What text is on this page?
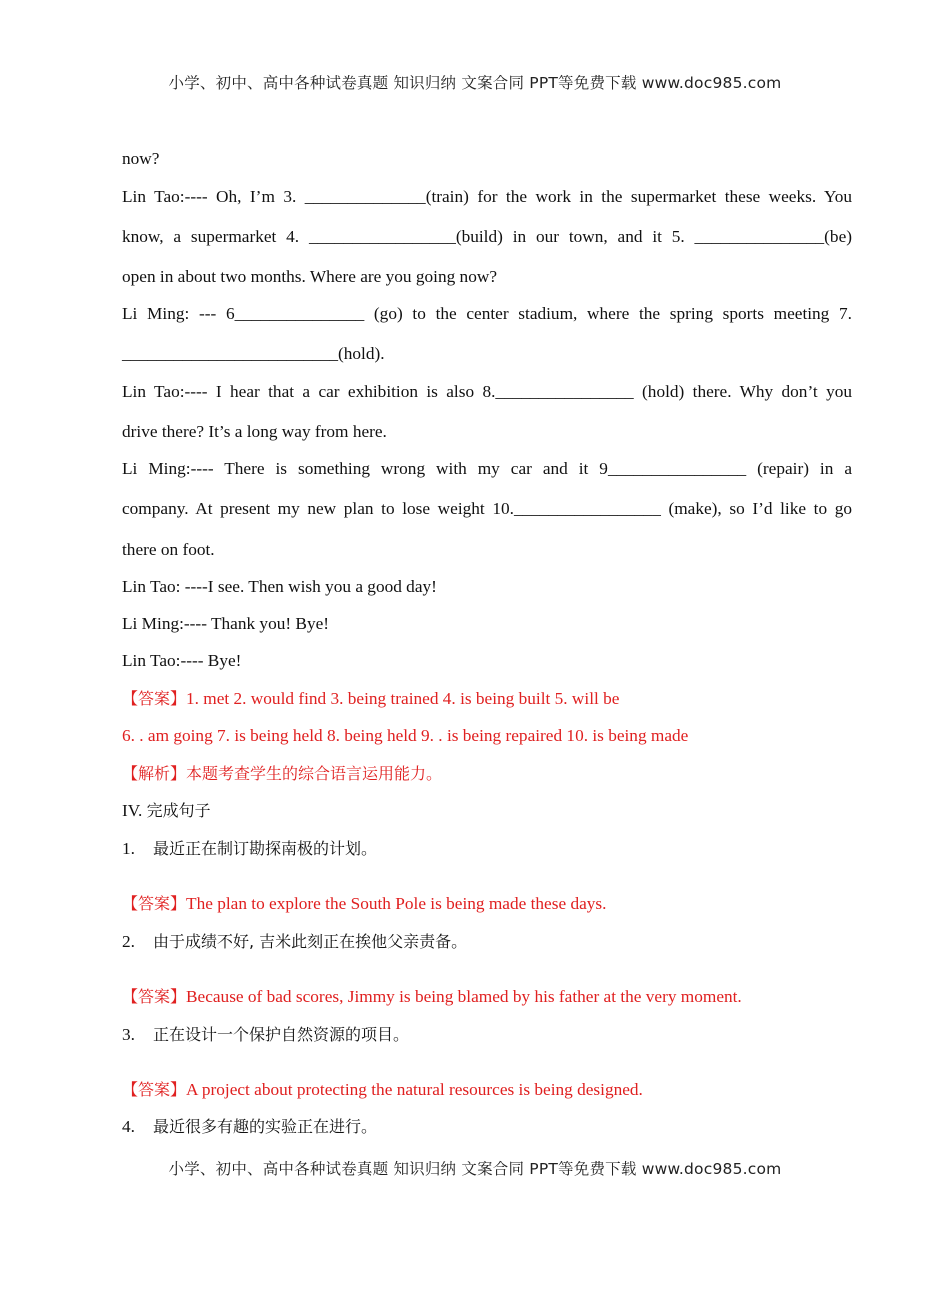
小学、初中、高中各种试卷真题 知识归纳 文案合同 PPT等免费下载 www.doc985.com
now?
Lin Tao:---- Oh, I’m 3. ______________(train) for the work in the supermarket these weeks. You
know, a supermarket 4. _________________(build) in our town, and it 5. _______________(be)
open in about two months. Where are you going now?
Li Ming: --- 6_______________ (go) to the center stadium, where the spring sports meeting 7.
_________________________(hold).
Lin Tao:---- I hear that a car exhibition is also 8.________________ (hold) there. Why don’t you
drive there? It’s a long way from here.
Li Ming:---- There is something wrong with my car and it 9________________ (repair) in a
company. At present my new plan to lose weight 10._________________ (make), so I’d like to go
there on foot.
Lin Tao: ----I see. Then wish you a good day!
Li Ming:---- Thank you! Bye!
Lin Tao:---- Bye!
【答案】1. met 2. would find 3. being trained 4. is being built 5. will be
6. . am going 7. is being held 8. being held 9. . is being repaired 10. is being made
【解析】本题考查学生的综合语言运用能力。
IV. 完成句子
1. 最近正在制订勘探南极的计划。
【答案】The plan to explore the South Pole is being made these days.
2. 由于成绩不好, 吉米此刻正在挨他父亲责备。
【答案】Because of bad scores, Jimmy is being blamed by his father at the very moment.
3. 正在设计一个保护自然资源的项目。
【答案】A project about protecting the natural resources is being designed.
4. 最近很多有趣的实验正在进行。
小学、初中、高中各种试卷真题 知识归纳 文案合同 PPT等免费下载 www.doc985.com
